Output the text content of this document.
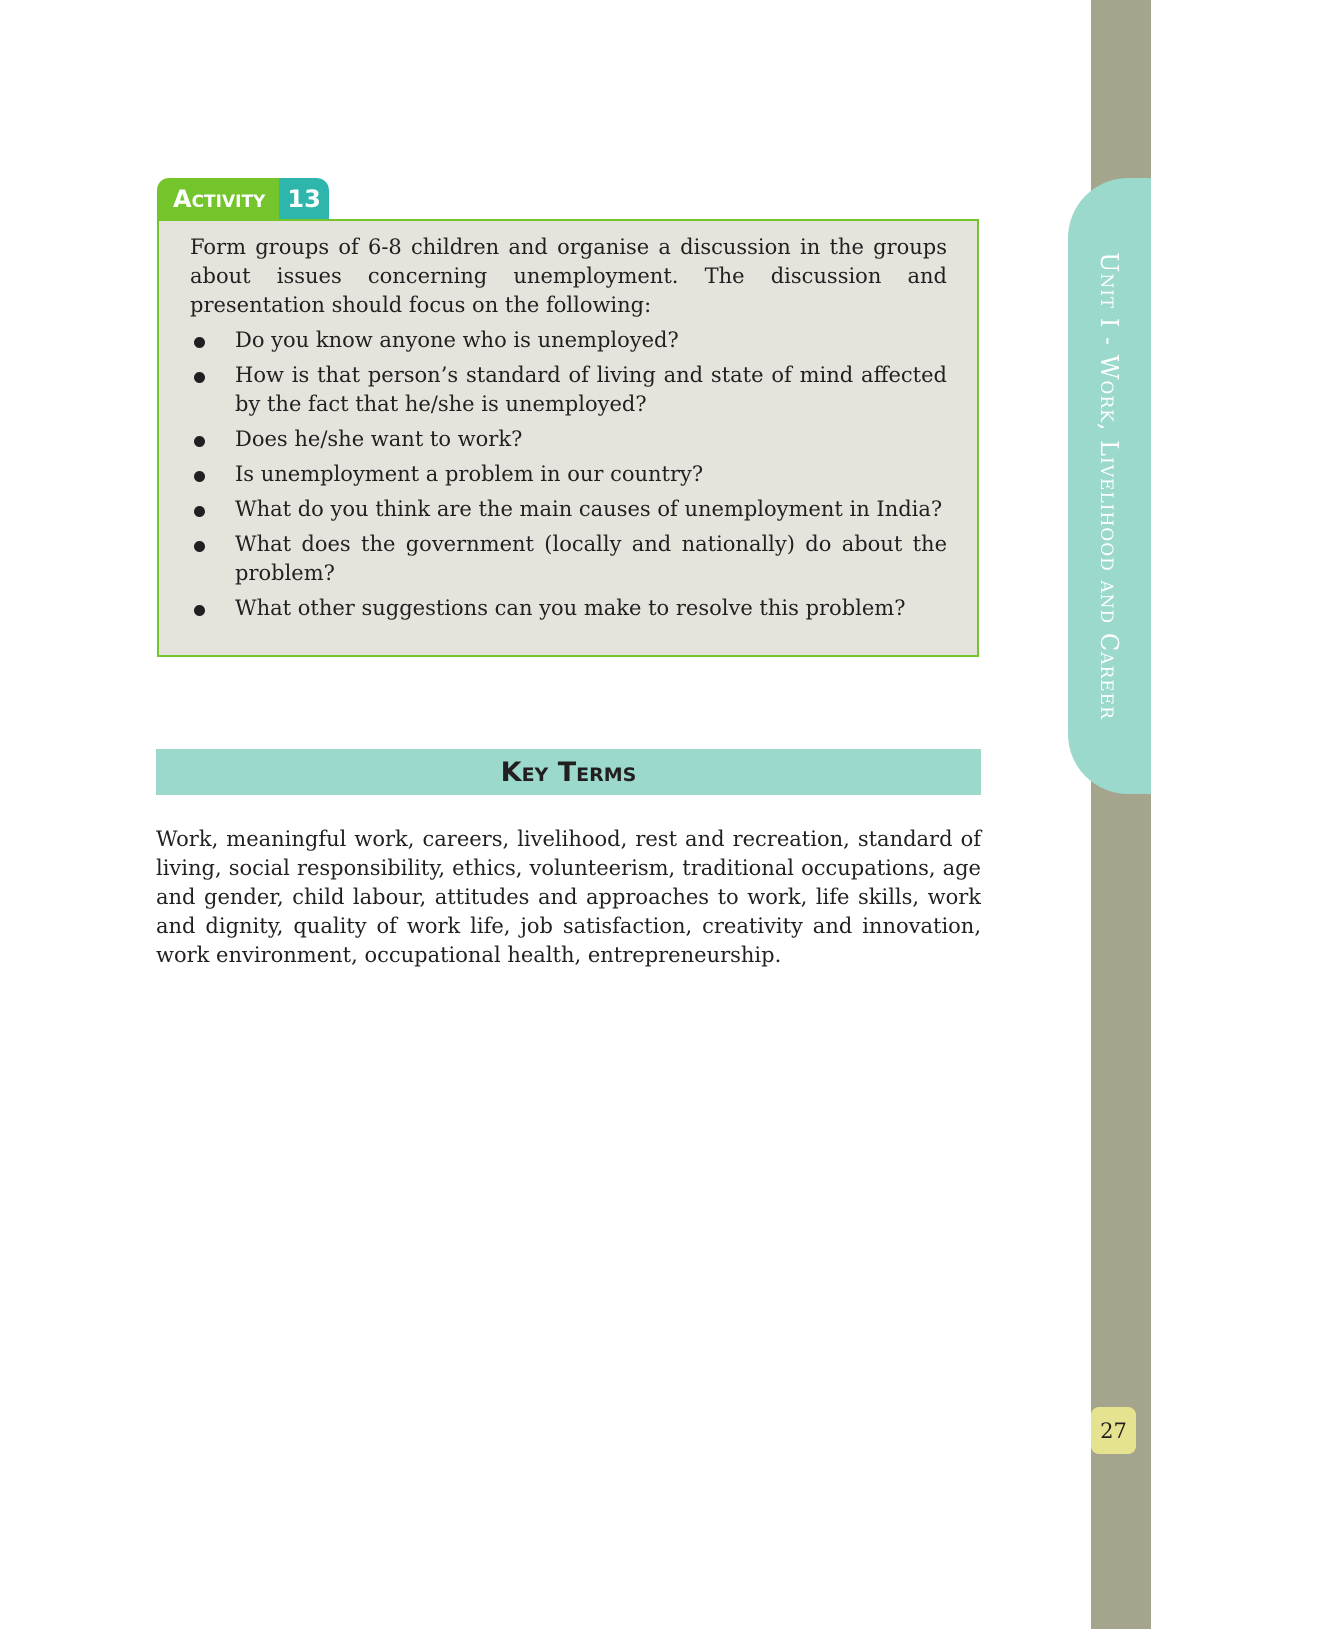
Unit I - Work, Livelihood and Career
27
Activity 13

Form groups of 6-8 children and organise a discussion in the groups about issues concerning unemployment. The discussion and presentation should focus on the following:

Do you know anyone who is unemployed?
How is that person’s standard of living and state of mind affected by the fact that he/she is unemployed?
Does he/she want to work?
Is unemployment a problem in our country?
What do you think are the main causes of unemployment in India?
What does the government (locally and nationally) do about the problem?
What other suggestions can you make to resolve this problem?
Key Terms

Work, meaningful work, careers, livelihood, rest and recreation, standard of living, social responsibility, ethics, volunteerism, traditional occupations, age and gender, child labour, attitudes and approaches to work, life skills, work and dignity, quality of work life, job satisfaction, creativity and innovation, work environment, occupational health, entrepreneurship.
